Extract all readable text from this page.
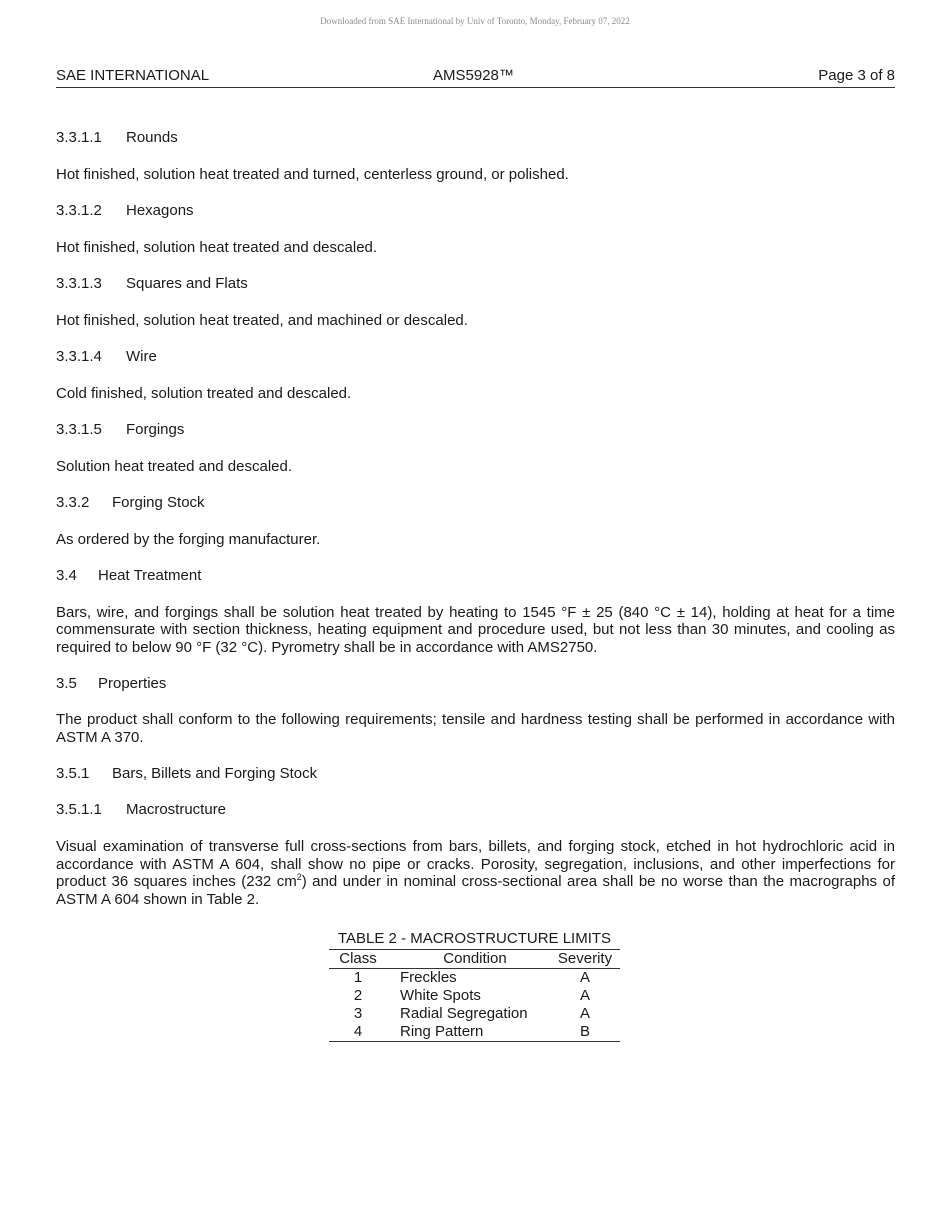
Downloaded from SAE International by Univ of Toronto, Monday, February 07, 2022
SAE INTERNATIONAL	AMS5928™	Page 3 of 8
3.3.1.1 Rounds
Hot finished, solution heat treated and turned, centerless ground, or polished.
3.3.1.2 Hexagons
Hot finished, solution heat treated and descaled.
3.3.1.3 Squares and Flats
Hot finished, solution heat treated, and machined or descaled.
3.3.1.4 Wire
Cold finished, solution treated and descaled.
3.3.1.5 Forgings
Solution heat treated and descaled.
3.3.2 Forging Stock
As ordered by the forging manufacturer.
3.4 Heat Treatment
Bars, wire, and forgings shall be solution heat treated by heating to 1545 °F ± 25 (840 °C ± 14), holding at heat for a time commensurate with section thickness, heating equipment and procedure used, but not less than 30 minutes, and cooling as required to below 90 °F (32 °C). Pyrometry shall be in accordance with AMS2750.
3.5 Properties
The product shall conform to the following requirements; tensile and hardness testing shall be performed in accordance with ASTM A 370.
3.5.1 Bars, Billets and Forging Stock
3.5.1.1 Macrostructure
Visual examination of transverse full cross-sections from bars, billets, and forging stock, etched in hot hydrochloric acid in accordance with ASTM A 604, shall show no pipe or cracks. Porosity, segregation, inclusions, and other imperfections for product 36 squares inches (232 $cm^2$) and under in nominal cross-sectional area shall be no worse than the macrographs of ASTM A 604 shown in Table 2.
TABLE 2 - MACROSTRUCTURE LIMITS
Class	Condition	Severity
1	Freckles	A
2	White Spots	A
3	Radial Segregation	A
4	Ring Pattern	B
